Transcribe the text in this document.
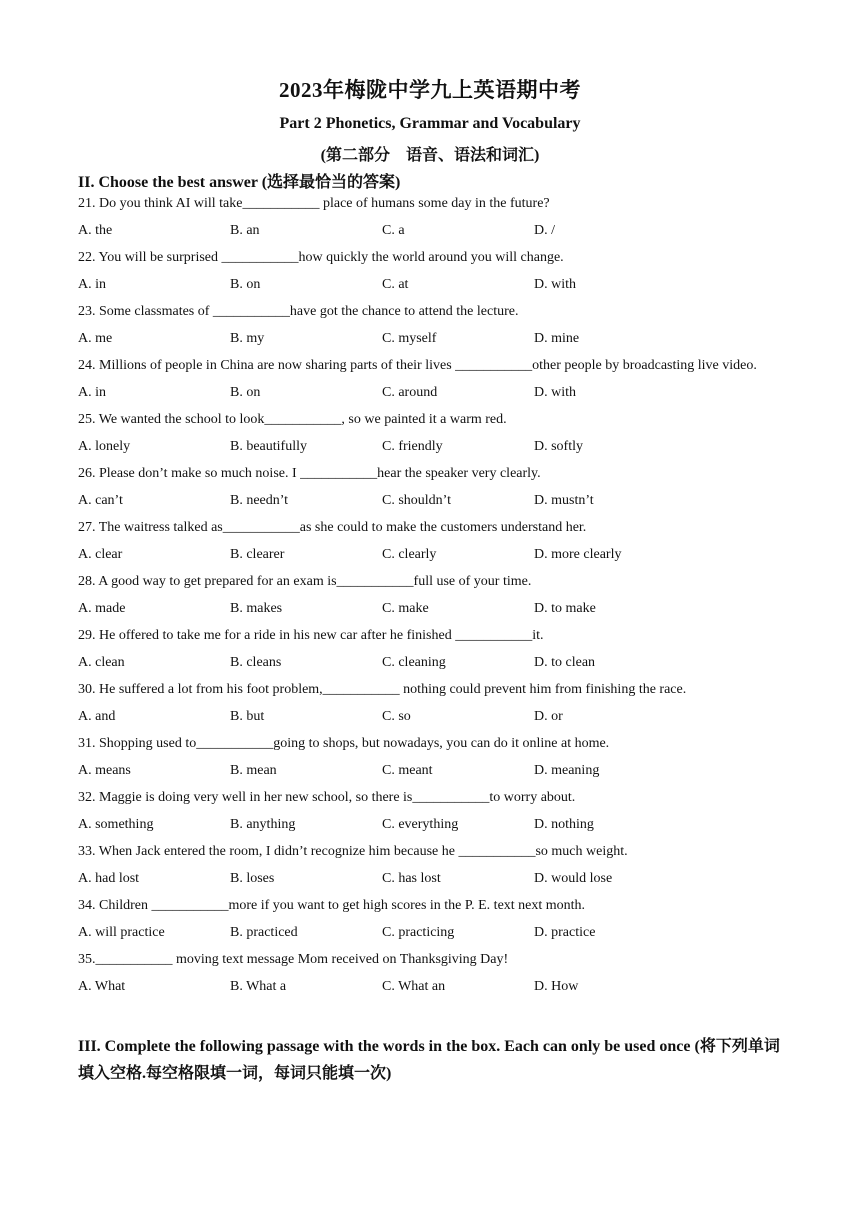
2023年梅陇中学九上英语期中考
Part 2 Phonetics, Grammar and Vocabulary
(第二部分    语音、语法和词汇)
II. Choose the best answer (选择最恰当的答案)
21. Do you think AI will take___________ place of humans some day in the future?
A. the	B. an	C. a	D. /
22. You will be surprised ___________how quickly the world around you will change.
A. in	B. on	C. at	D. with
23. Some classmates of ___________have got the chance to attend the lecture.
A. me	B. my	C. myself	D. mine
24. Millions of people in China are now sharing parts of their lives ___________other people by broadcasting live video.
A. in	B. on	C. around	D. with
25. We wanted the school to look___________, so we painted it a warm red.
A. lonely	B. beautifully	C. friendly	D. softly
26. Please don’t make so much noise. I ___________hear the speaker very clearly.
A. can’t	B. needn’t	C. shouldn’t	D. mustn’t
27. The waitress talked as___________as she could to make the customers understand her.
A. clear	B. clearer	C. clearly	D. more clearly
28. A good way to get prepared for an exam is___________full use of your time.
A. made	B. makes	C. make	D. to make
29. He offered to take me for a ride in his new car after he finished ___________it.
A. clean	B. cleans	C. cleaning	D. to clean
30. He suffered a lot from his foot problem,___________ nothing could prevent him from finishing the race.
A. and	B. but	C. so	D. or
31. Shopping used to___________going to shops, but nowadays, you can do it online at home.
A. means	B. mean	C. meant	D. meaning
32. Maggie is doing very well in her new school, so there is___________to worry about.
A. something	B. anything	C. everything	D. nothing
33. When Jack entered the room, I didn’t recognize him because he ___________so much weight.
A. had lost	B. loses	C. has lost	D. would lose
34. Children ___________more if you want to get high scores in the P. E. text next month.
A. will practice	B. practiced	C. practicing	D. practice
35.___________ moving text message Mom received on Thanksgiving Day!
A. What	B. What a	C. What an	D. How
III. Complete the following passage with the words in the box. Each can only be used once (将下列单词填入空格.每空格限填一词，每词只能填一次)
